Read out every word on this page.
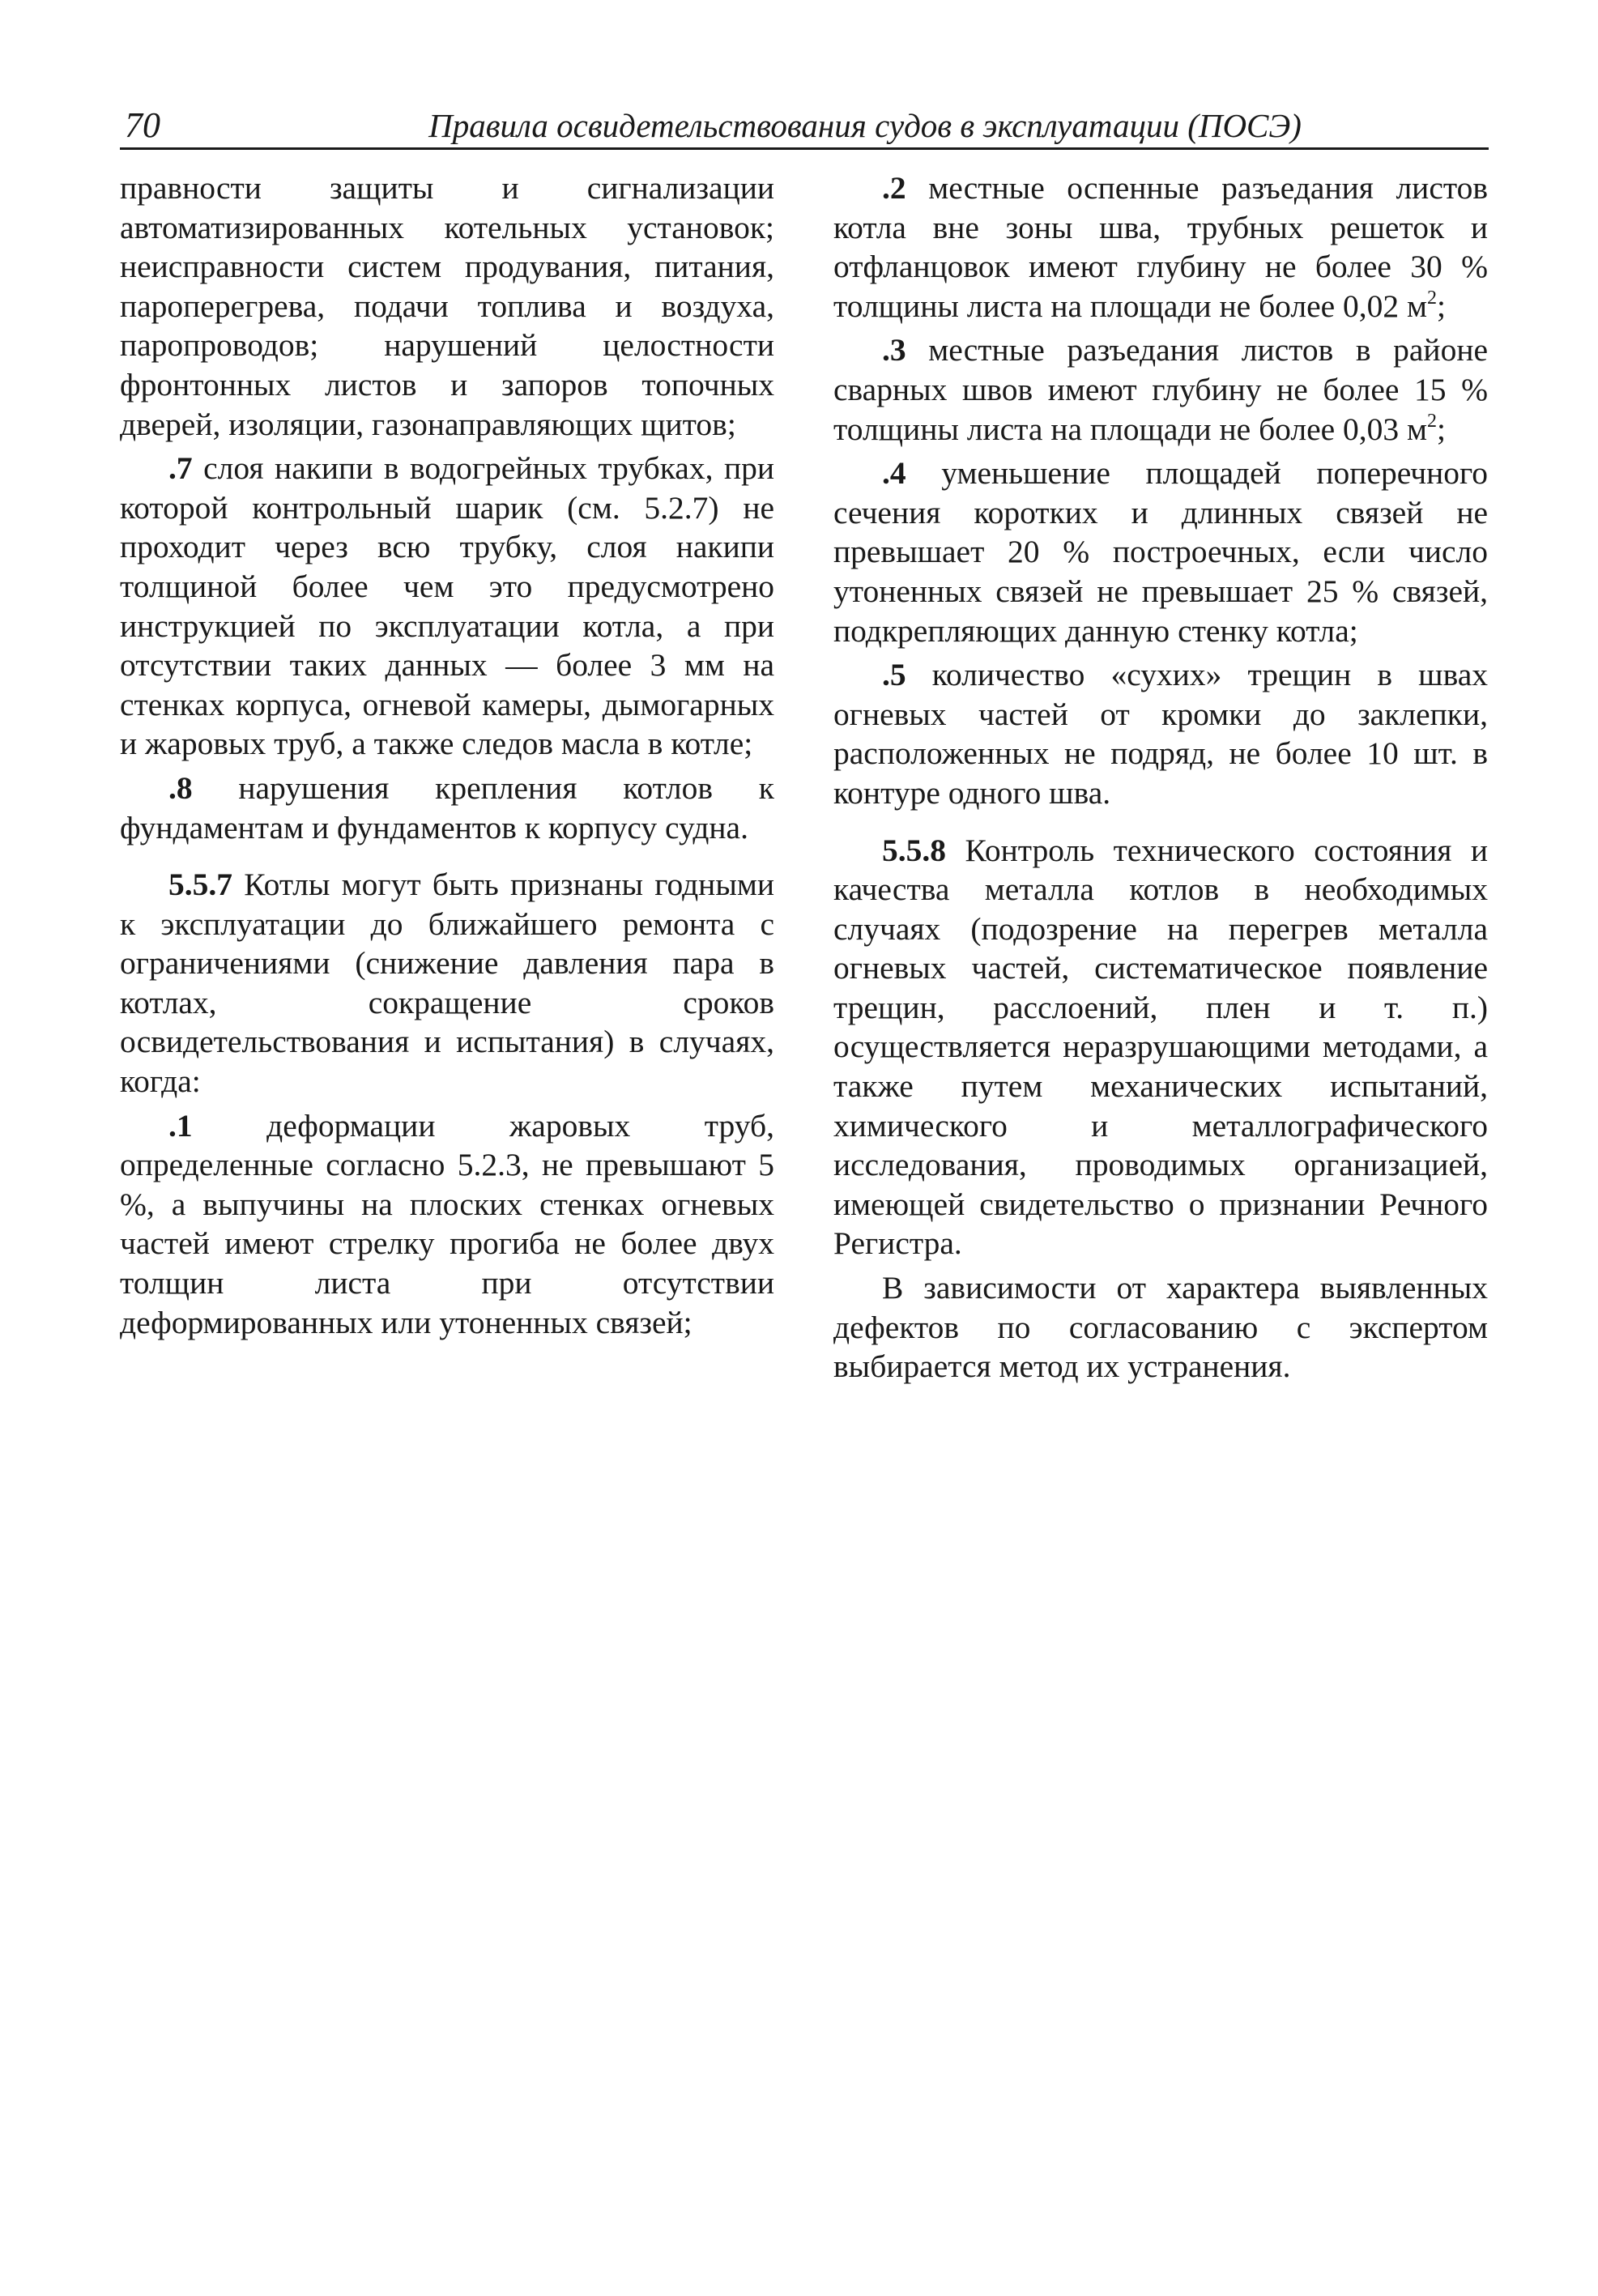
70	Правила освидетельствования судов в эксплуатации (ПОСЭ)

правности защиты и сигнализации автоматизированных котельных установок; неисправности систем продувания, питания, пароперегрева, подачи топлива и воздуха, паропроводов; нарушений целостности фронтонных листов и запоров топочных дверей, изоляции, газонаправляющих щитов;

.7 слоя накипи в водогрейных трубках, при которой контрольный шарик (см. 5.2.7) не проходит через всю трубку, слоя накипи толщиной более чем это предусмотрено инструкцией по эксплуатации котла, а при отсутствии таких данных — более 3 мм на стенках корпуса, огневой камеры, дымогарных и жаровых труб, а также следов масла в котле;

.8 нарушения крепления котлов к фундаментам и фундаментов к корпусу судна.

5.5.7 Котлы могут быть признаны годными к эксплуатации до ближайшего ремонта с ограничениями (снижение давления пара в котлах, сокращение сроков освидетельствования и испытания) в случаях, когда:

.1 деформации жаровых труб, определенные согласно 5.2.3, не превышают 5 %, а выпучины на плоских стенках огневых частей имеют стрелку прогиба не более двух толщин листа при отсутствии деформированных или утоненных связей;

.2 местные оспенные разъедания листов котла вне зоны шва, трубных решеток и отфланцовок имеют глубину не более 30 % толщины листа на площади не более 0,02 $м^2$;

.3 местные разъедания листов в районе сварных швов имеют глубину не более 15 % толщины листа на площади не более 0,03 $м^2$;

.4 уменьшение площадей поперечного сечения коротких и длинных связей не превышает 20 % построечных, если число утоненных связей не превышает 25 % связей, подкрепляющих данную стенку котла;

.5 количество «сухих» трещин в швах огневых частей от кромки до заклепки, расположенных не подряд, не более 10 шт. в контуре одного шва.

5.5.8 Контроль технического состояния и качества металла котлов в необходимых случаях (подозрение на перегрев металла огневых частей, систематическое появление трещин, расслоений, плен и т. п.) осуществляется неразрушающими методами, а также путем механических испытаний, химического и металлографического исследования, проводимых организацией, имеющей свидетельство о признании Речного Регистра.

В зависимости от характера выявленных дефектов по согласованию с экспертом выбирается метод их устранения.
